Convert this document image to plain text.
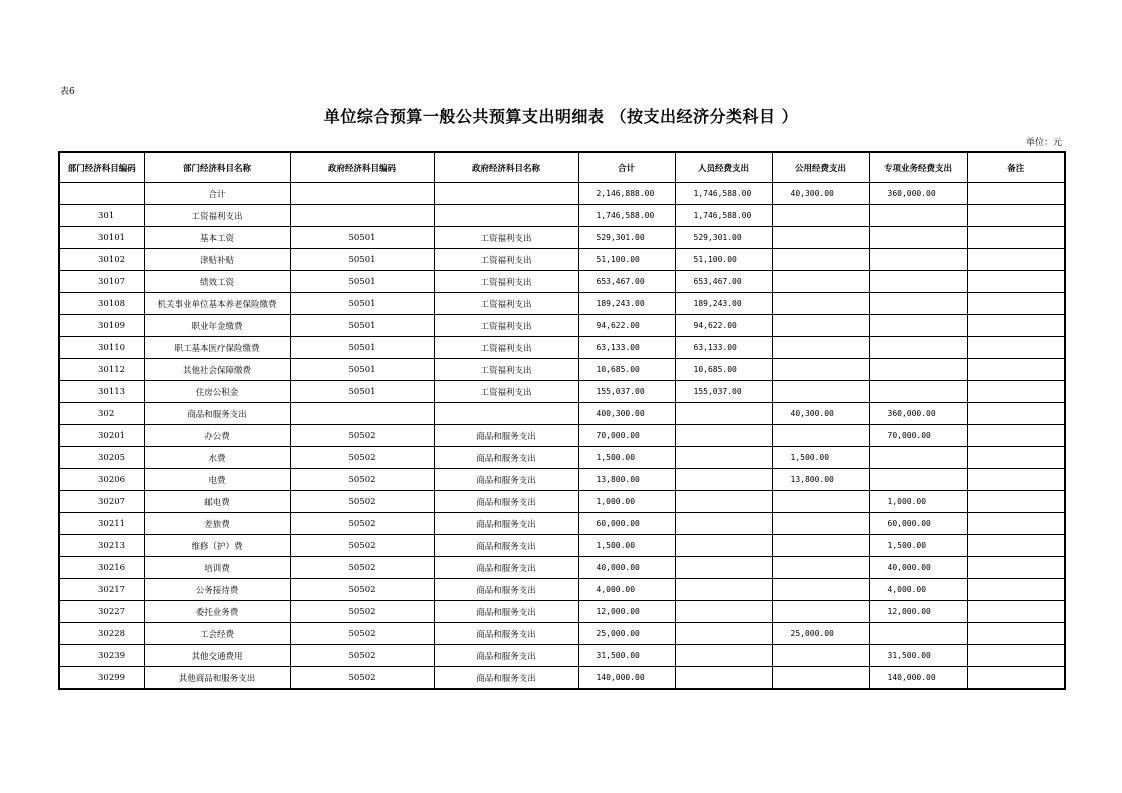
表6
单位综合预算一般公共预算支出明细表 （按支出经济分类科目 ）
单位：元
部门经济科目编码	部门经济科目名称	政府经济科目编码	政府经济科目名称	合计	人员经费支出	公用经费支出	专项业务经费支出	备注
	合计			2,146,888.00	1,746,588.00	40,300.00	360,000.00	
301	工资福利支出			1,746,588.00	1,746,588.00			
30101	基本工资	50501	工资福利支出	529,301.00	529,301.00			
30102	津贴补贴	50501	工资福利支出	51,100.00	51,100.00			
30107	绩效工资	50501	工资福利支出	653,467.00	653,467.00			
30108	机关事业单位基本养老保险缴费	50501	工资福利支出	189,243.00	189,243.00			
30109	职业年金缴费	50501	工资福利支出	94,622.00	94,622.00			
30110	职工基本医疗保险缴费	50501	工资福利支出	63,133.00	63,133.00			
30112	其他社会保障缴费	50501	工资福利支出	10,685.00	10,685.00			
30113	住房公积金	50501	工资福利支出	155,037.00	155,037.00			
302	商品和服务支出			400,300.00		40,300.00	360,000.00	
30201	办公费	50502	商品和服务支出	70,000.00			70,000.00	
30205	水费	50502	商品和服务支出	1,500.00		1,500.00		
30206	电费	50502	商品和服务支出	13,800.00		13,800.00		
30207	邮电费	50502	商品和服务支出	1,000.00			1,000.00	
30211	差旅费	50502	商品和服务支出	60,000.00			60,000.00	
30213	维修（护）费	50502	商品和服务支出	1,500.00			1,500.00	
30216	培训费	50502	商品和服务支出	40,000.00			40,000.00	
30217	公务接待费	50502	商品和服务支出	4,000.00			4,000.00	
30227	委托业务费	50502	商品和服务支出	12,000.00			12,000.00	
30228	工会经费	50502	商品和服务支出	25,000.00		25,000.00		
30239	其他交通费用	50502	商品和服务支出	31,500.00			31,500.00	
30299	其他商品和服务支出	50502	商品和服务支出	140,000.00			140,000.00	
